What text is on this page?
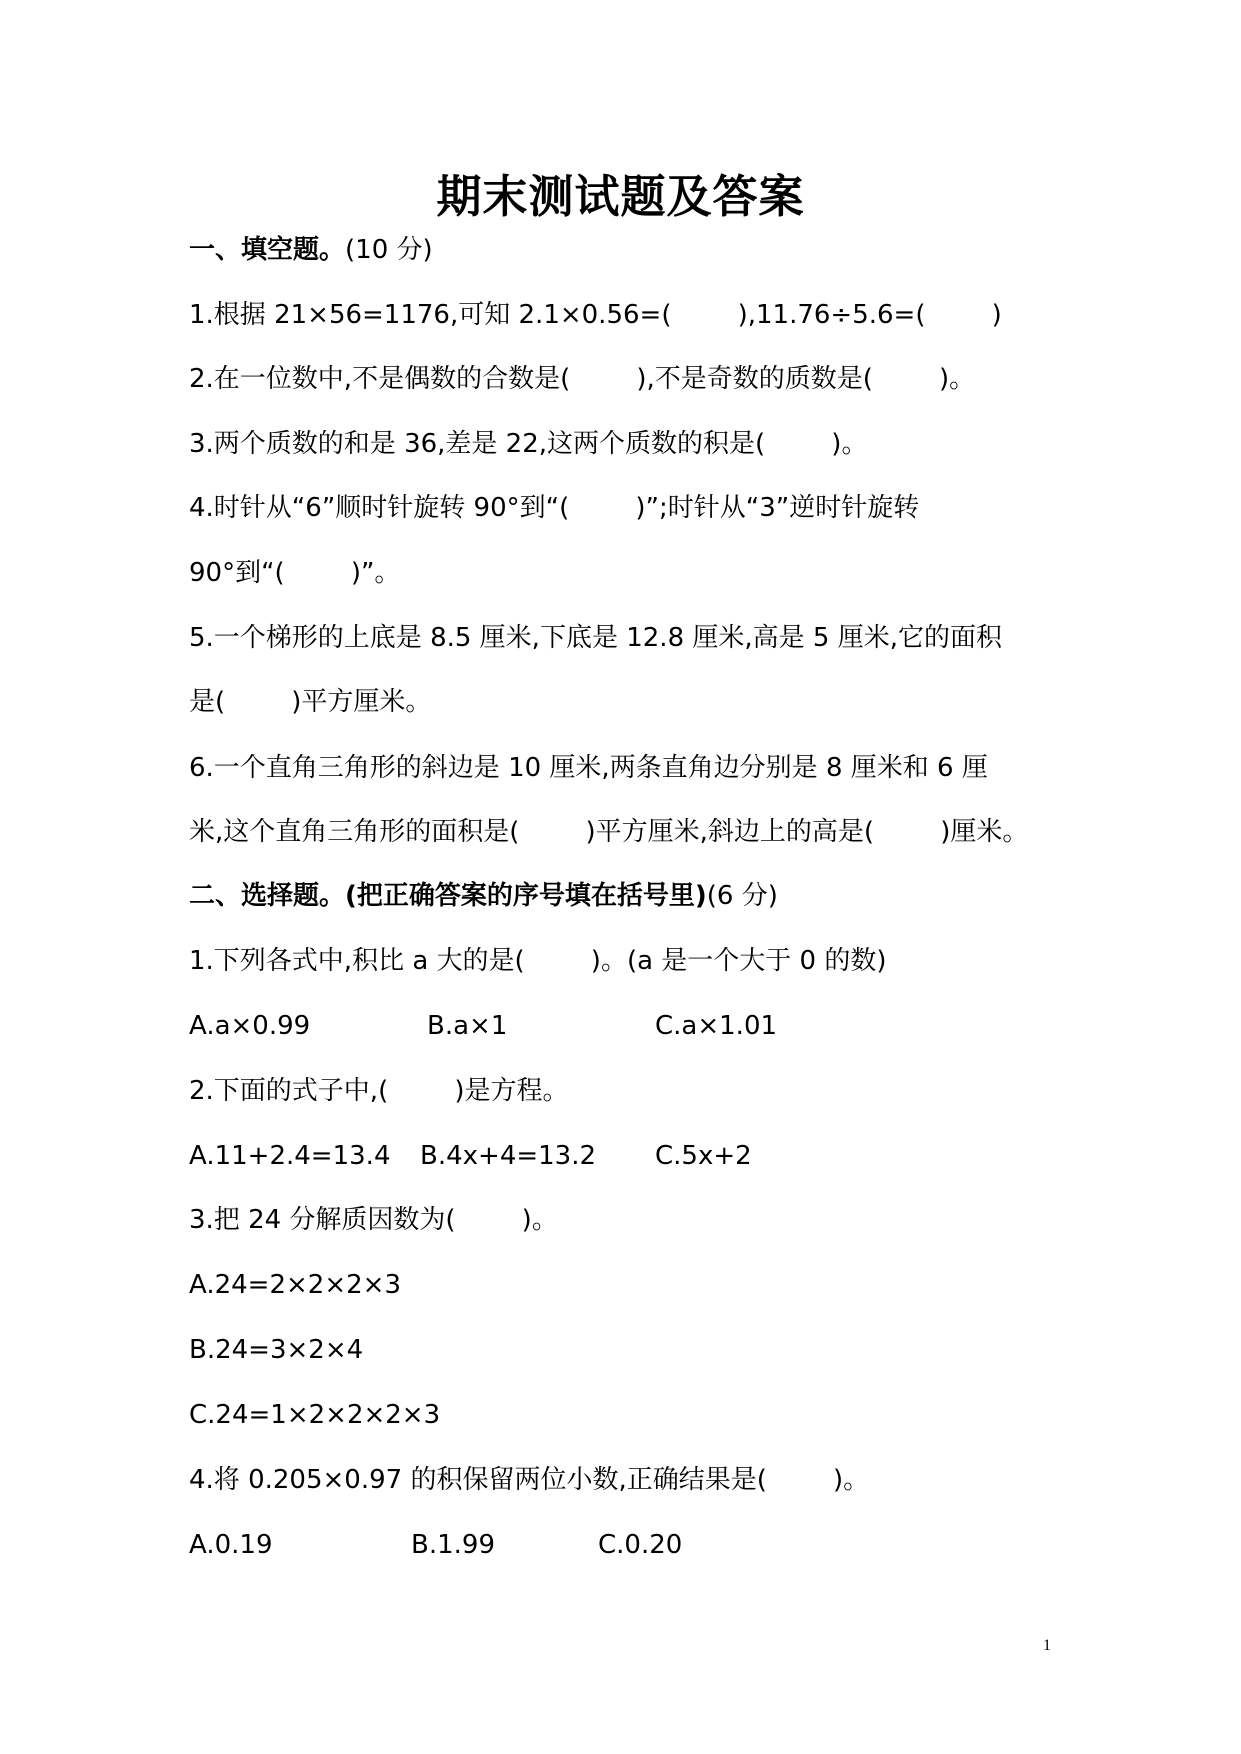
期末测试题及答案
一、填空题。(10 分)
1.根据 21×56=1176,可知 2.1×0.56=(        ),11.76÷5.6=(        )
2.在一位数中,不是偶数的合数是(        ),不是奇数的质数是(        )。
3.两个质数的和是 36,差是 22,这两个质数的积是(        )。
4.时针从“6”顺时针旋转 90°到“(        )”;时针从“3”逆时针旋转
90°到“(        )”。
5.一个梯形的上底是 8.5 厘米,下底是 12.8 厘米,高是 5 厘米,它的面积
是(        )平方厘米。
6.一个直角三角形的斜边是 10 厘米,两条直角边分别是 8 厘米和 6 厘
米,这个直角三角形的面积是(        )平方厘米,斜边上的高是(        )厘米。
二、选择题。(把正确答案的序号填在括号里)(6 分)
1.下列各式中,积比 a 大的是(        )。(a 是一个大于 0 的数)
A.a×0.99	B.a×1	C.a×1.01
2.下面的式子中,(        )是方程。
A.11+2.4=13.4 B.4x+4=13.2 C.5x+2
3.把 24 分解质因数为(        )。
A.24=2×2×2×3
B.24=3×2×4
C.24=1×2×2×2×3
4.将 0.205×0.97 的积保留两位小数,正确结果是(        )。
A.0.19	B.1.99	C.0.20
1
